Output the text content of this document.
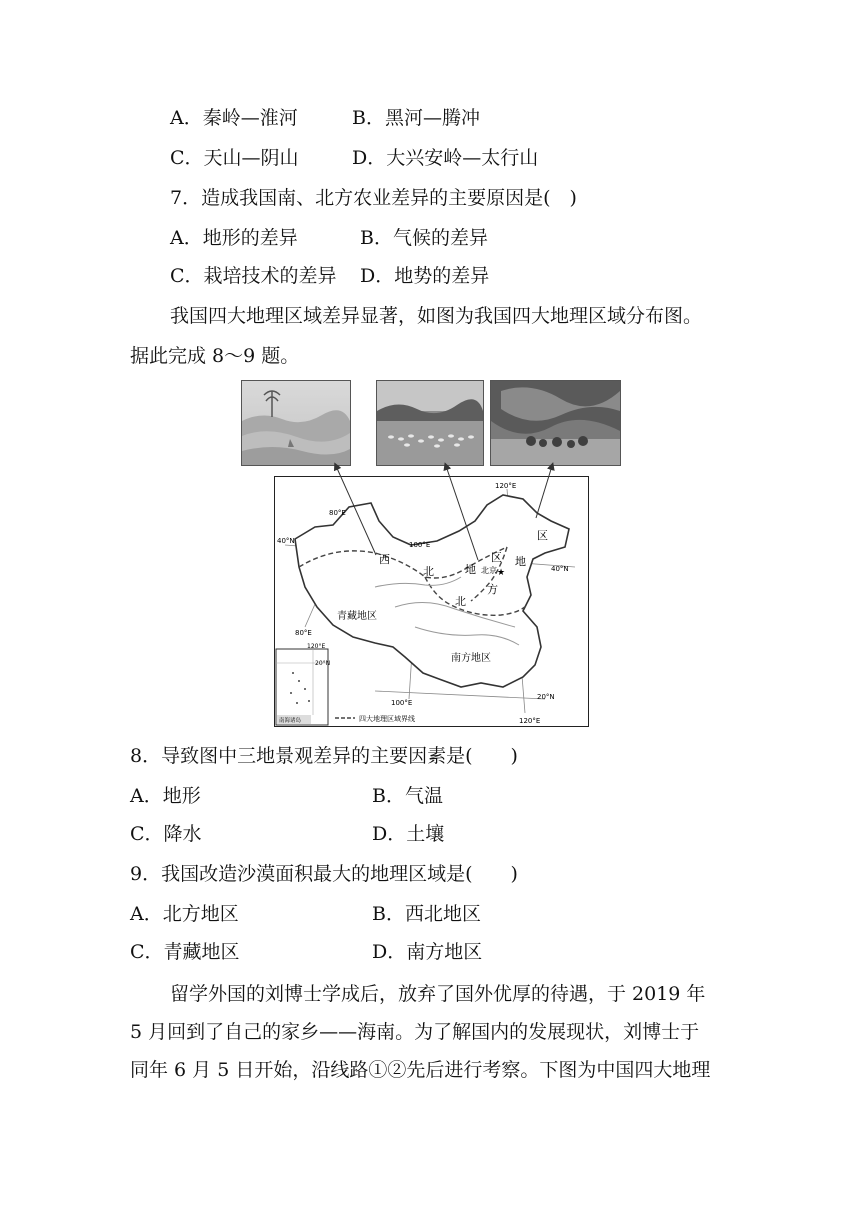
A．秦岭—淮河	B．黑河—腾冲
C．天山—阴山	D．大兴安岭—太行山
7．造成我国南、北方农业差异的主要原因是(　)
A．地形的差异	B．气候的差异
C．栽培技术的差异 D．地势的差异
我国四大地理区域差异显著，如图为我国四大地理区域分布图。
据此完成 8～9 题。
40°N
80°E
80°E
100°E
100°E
120°E
120°E
40°N
20°N
西
北	地
北
方
区 地
区
青藏地区
南方地区
北京 ★
120°E
20°N
南海诸岛	四大地理区域界线
8．导致图中三地景观差异的主要因素是(　　)
A．地形	B．气温
C．降水	D．土壤
9．我国改造沙漠面积最大的地理区域是(　　)
A．北方地区	B．西北地区
C．青藏地区	D．南方地区
留学外国的刘博士学成后，放弃了国外优厚的待遇，于 2019 年
5 月回到了自己的家乡——海南。为了解国内的发展现状，刘博士于
同年 6 月 5 日开始，沿线路①②先后进行考察。下图为中国四大地理
